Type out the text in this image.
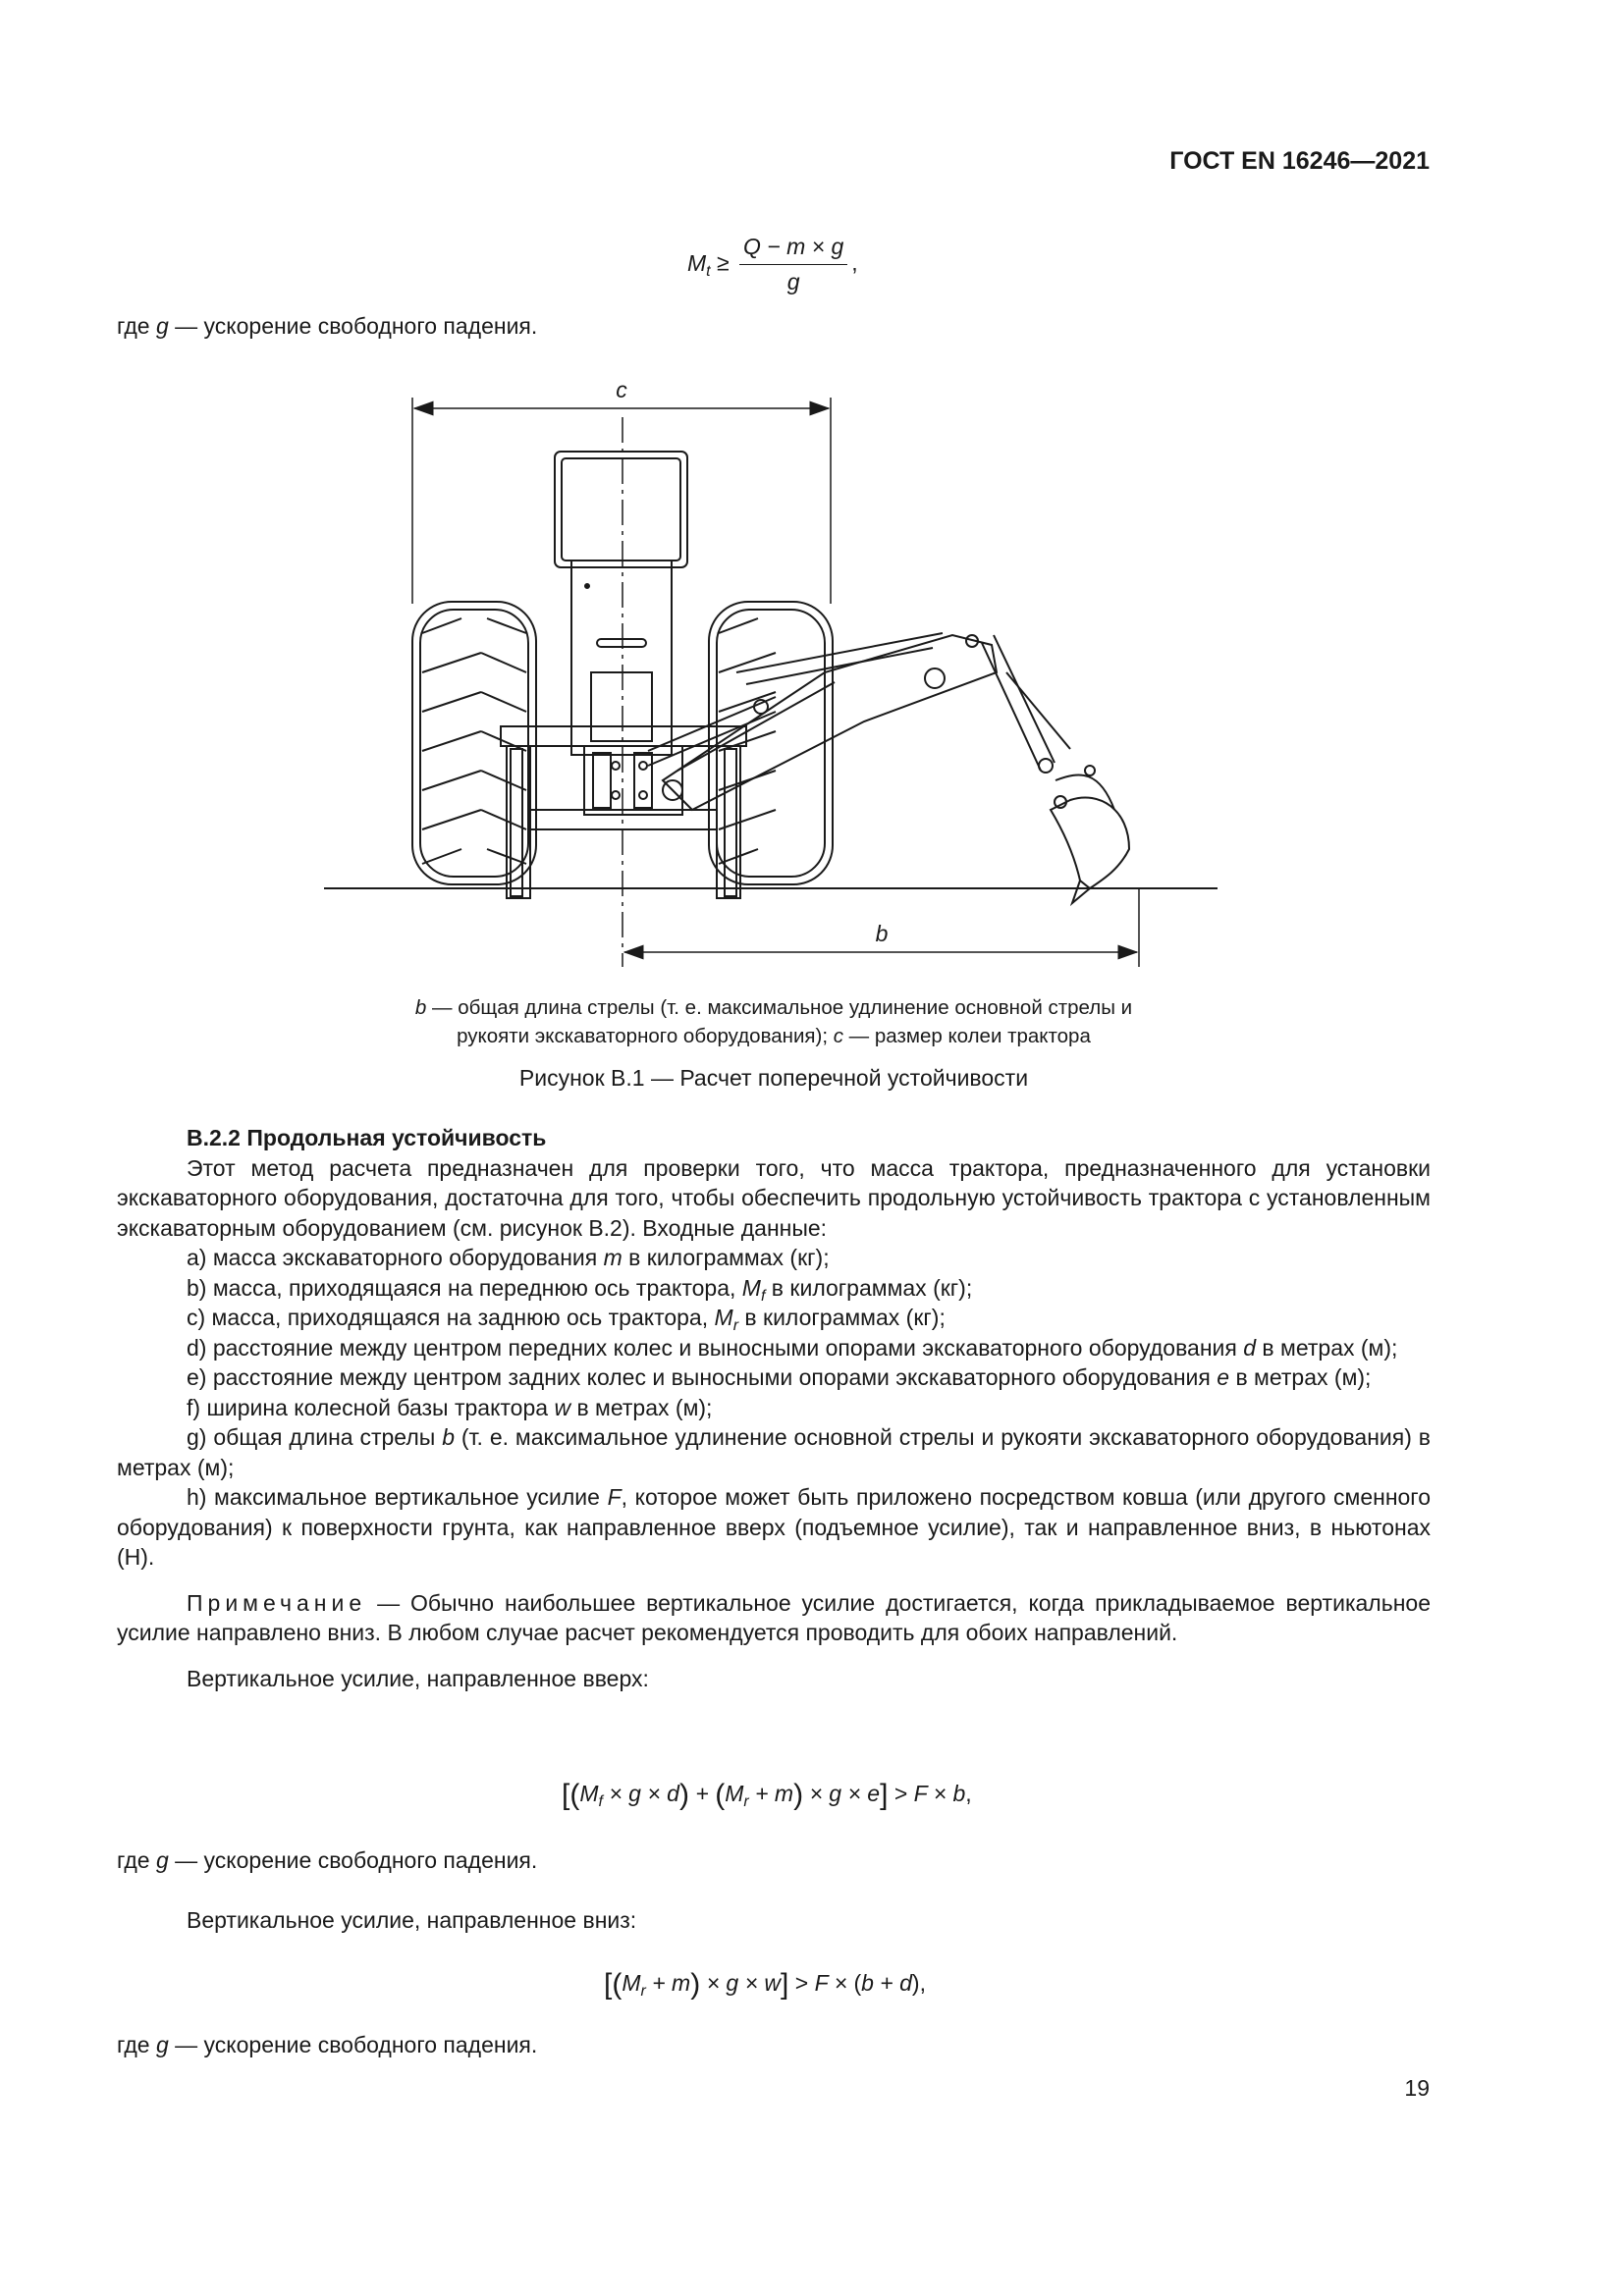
ГОСТ EN 16246—2021
$M_t \ge \frac{Q - m \times g}{g}$ ,

где g — ускорение свободного падения.

c
b
b — общая длина стрелы (т. е. максимальное удлинение основной стрелы и
рукояти экскаваторного оборудования); c — размер колеи трактора
Рисунок B.1 — Расчет поперечной устойчивости

B.2.2 Продольная устойчивость

Этот метод расчета предназначен для проверки того, что масса трактора, предназначенного для установки экскаваторного оборудования, достаточна для того, чтобы обеспечить продольную устойчивость трактора с установленным экскаваторным оборудованием (см. рисунок B.2). Входные данные:

a) масса экскаваторного оборудования m в килограммах (кг);

b) масса, приходящаяся на переднюю ось трактора, $M_f$ в килограммах (кг);

c) масса, приходящаяся на заднюю ось трактора, $M_r$ в килограммах (кг);

d) расстояние между центром передних колес и выносными опорами экскаваторного оборудования d в метрах (м);

e) расстояние между центром задних колес и выносными опорами экскаваторного оборудования e в метрах (м);

f) ширина колесной базы трактора w в метрах (м);

g) общая длина стрелы b (т. е. максимальное удлинение основной стрелы и рукояти экскаваторного оборудования) в метрах (м);

h) максимальное вертикальное усилие F, которое может быть приложено посредством ковша (или другого сменного оборудования) к поверхности грунта, как направленное вверх (подъемное усилие), так и направленное вниз, в ньютонах (Н).

Примечание — Обычно наибольшее вертикальное усилие достигается, когда прикладываемое вертикальное усилие направлено вниз. В любом случае расчет рекомендуется проводить для обоих направлений.

Вертикальное усилие, направленное вверх:

$[(M_f \times g \times d) + (M_r + m) \times g \times e] > F \times b$,

где g — ускорение свободного падения.

Вертикальное усилие, направленное вниз:

$[(M_r + m) \times g \times w] > F \times (b + d)$,

где g — ускорение свободного падения.

19
